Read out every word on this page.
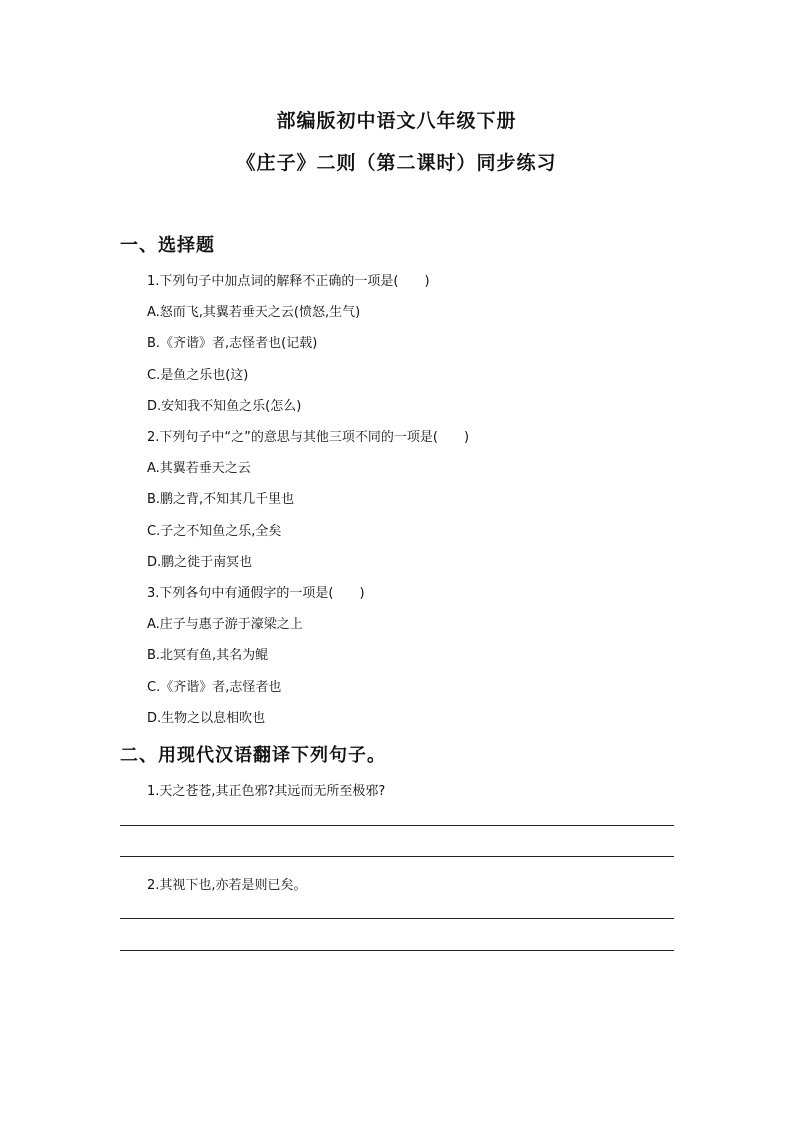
部编版初中语文八年级下册
《庄子》二则（第二课时）同步练习
一、选择题
1.下列句子中加点词的解释不正确的一项是(　　)
A.怒而飞,其翼若垂天之云(愤怒,生气)
B.《齐谐》者,志怪者也(记载)
C.是鱼之乐也(这)
D.安知我不知鱼之乐(怎么)
2.下列句子中“之”的意思与其他三项不同的一项是(　　)
A.其翼若垂天之云
B.鹏之背,不知其几千里也
C.子之不知鱼之乐,全矣
D.鹏之徙于南冥也
3.下列各句中有通假字的一项是(　　)
A.庄子与惠子游于濠梁之上
B.北冥有鱼,其名为鲲
C.《齐谐》者,志怪者也
D.生物之以息相吹也
二、用现代汉语翻译下列句子。
1.天之苍苍,其正色邪?其远而无所至极邪?
2.其视下也,亦若是则已矣。
